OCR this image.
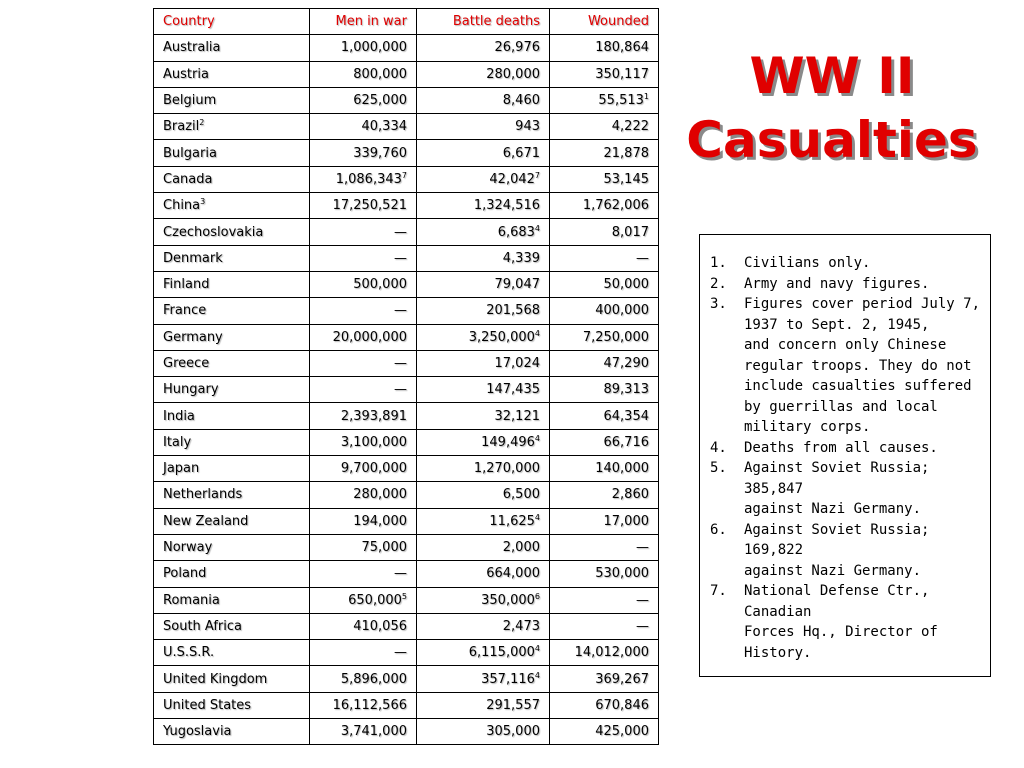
Country	Men in war	Battle deaths	Wounded
Australia	1,000,000	26,976	180,864
Austria	800,000	280,000	350,117
Belgium	625,000	8,460	55,513$^1$
Brazil$^2$	40,334	943	4,222
Bulgaria	339,760	6,671	21,878
Canada	1,086,343$^7$	42,042$^7$	53,145
China$^3$	17,250,521	1,324,516	1,762,006
Czechoslovakia	—	6,683$^4$	8,017
Denmark	—	4,339	—
Finland	500,000	79,047	50,000
France	—	201,568	400,000
Germany	20,000,000	3,250,000$^4$	7,250,000
Greece	—	17,024	47,290
Hungary	—	147,435	89,313
India	2,393,891	32,121	64,354
Italy	3,100,000	149,496$^4$	66,716
Japan	9,700,000	1,270,000	140,000
Netherlands	280,000	6,500	2,860
New Zealand	194,000	11,625$^4$	17,000
Norway	75,000	2,000	—
Poland	—	664,000	530,000
Romania	650,000$^5$	350,000$^6$	—
South Africa	410,056	2,473	—
U.S.S.R.	—	6,115,000$^4$	14,012,000
United Kingdom	5,896,000	357,116$^4$	369,267
United States	16,112,566	291,557	670,846
Yugoslavia	3,741,000	305,000	425,000
WW II
Casualties
1.	Civilians only.
2.	Army and navy figures.
3.	Figures cover period July 7,
1937 to Sept. 2, 1945,
and concern only Chinese
regular troops. They do not
include casualties suffered
by guerrillas and local
military corps.
4.	Deaths from all causes.
5.	Against Soviet Russia;
385,847
against Nazi Germany.
6.	Against Soviet Russia;
169,822
against Nazi Germany.
7.	National Defense Ctr.,
Canadian
Forces Hq., Director of
History.
